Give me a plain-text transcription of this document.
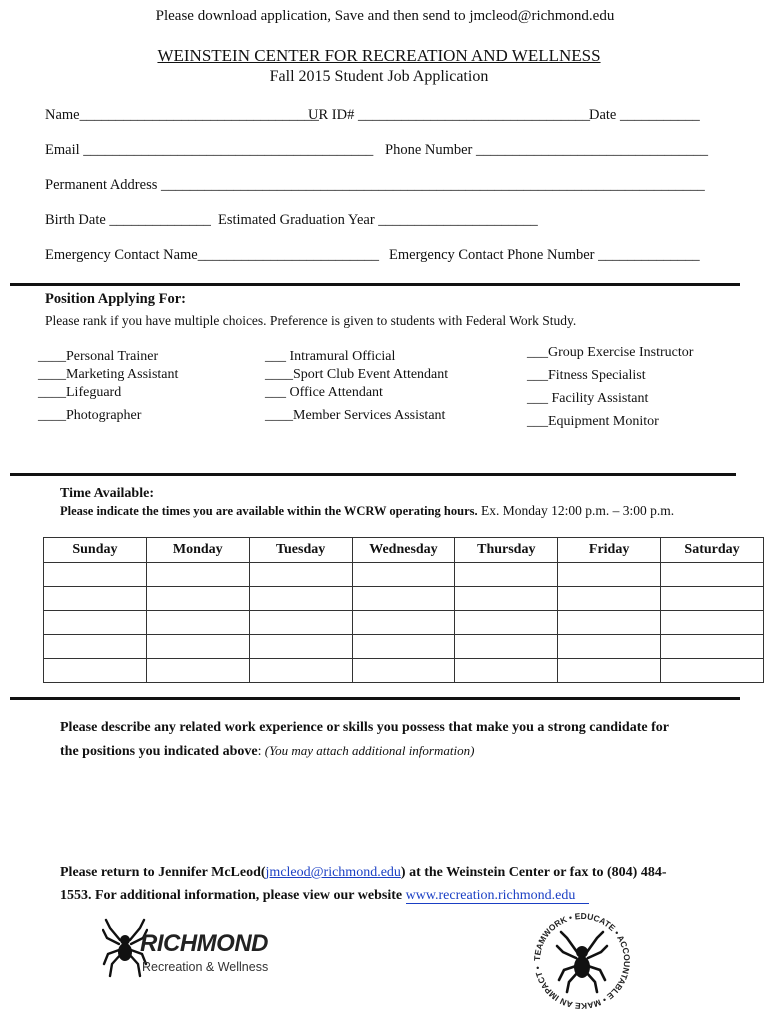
Please download application, Save and then send to jmcleod@richmond.edu
WEINSTEIN CENTER FOR RECREATION AND WELLNESS
Fall 2015 Student Job Application
Name_________________________________
UR ID# ________________________________ Date ___________
Email ________________________________________ Phone Number ________________________________
Permanent Address ___________________________________________________________________________
Birth Date ______________ Estimated Graduation Year ______________________
Emergency Contact Name_________________________ Emergency Contact Phone Number ______________
Position Applying For:
Please rank if you have multiple choices. Preference is given to students with Federal Work Study.
____Personal Trainer
____Marketing Assistant
____Lifeguard
____Photographer
___ Intramural Official
____Sport Club Event Attendant
___ Office Attendant
____Member Services Assistant
___Group Exercise Instructor
___Fitness Specialist
___ Facility Assistant
___Equipment Monitor
Time Available:
Please indicate the times you are available within the WCRW operating hours. Ex. Monday 12:00 p.m. – 3:00 p.m.
Sunday	Monday	Tuesday	Wednesday	Thursday	Friday	Saturday

Please describe any related work experience or skills you possess that make you a strong candidate for
the positions you indicated above: (You may attach additional information)
Please return to Jennifer McLeod(jmcleod@richmond.edu) at the Weinstein Center or fax to (804) 484-
1553. For additional information, please view our website www.recreation.richmond.edu
RICHMOND
Recreation & Wellness
TEAMWORK • EDUCATE • ACCOUNTABLE • MAKE AN IMPACT •
